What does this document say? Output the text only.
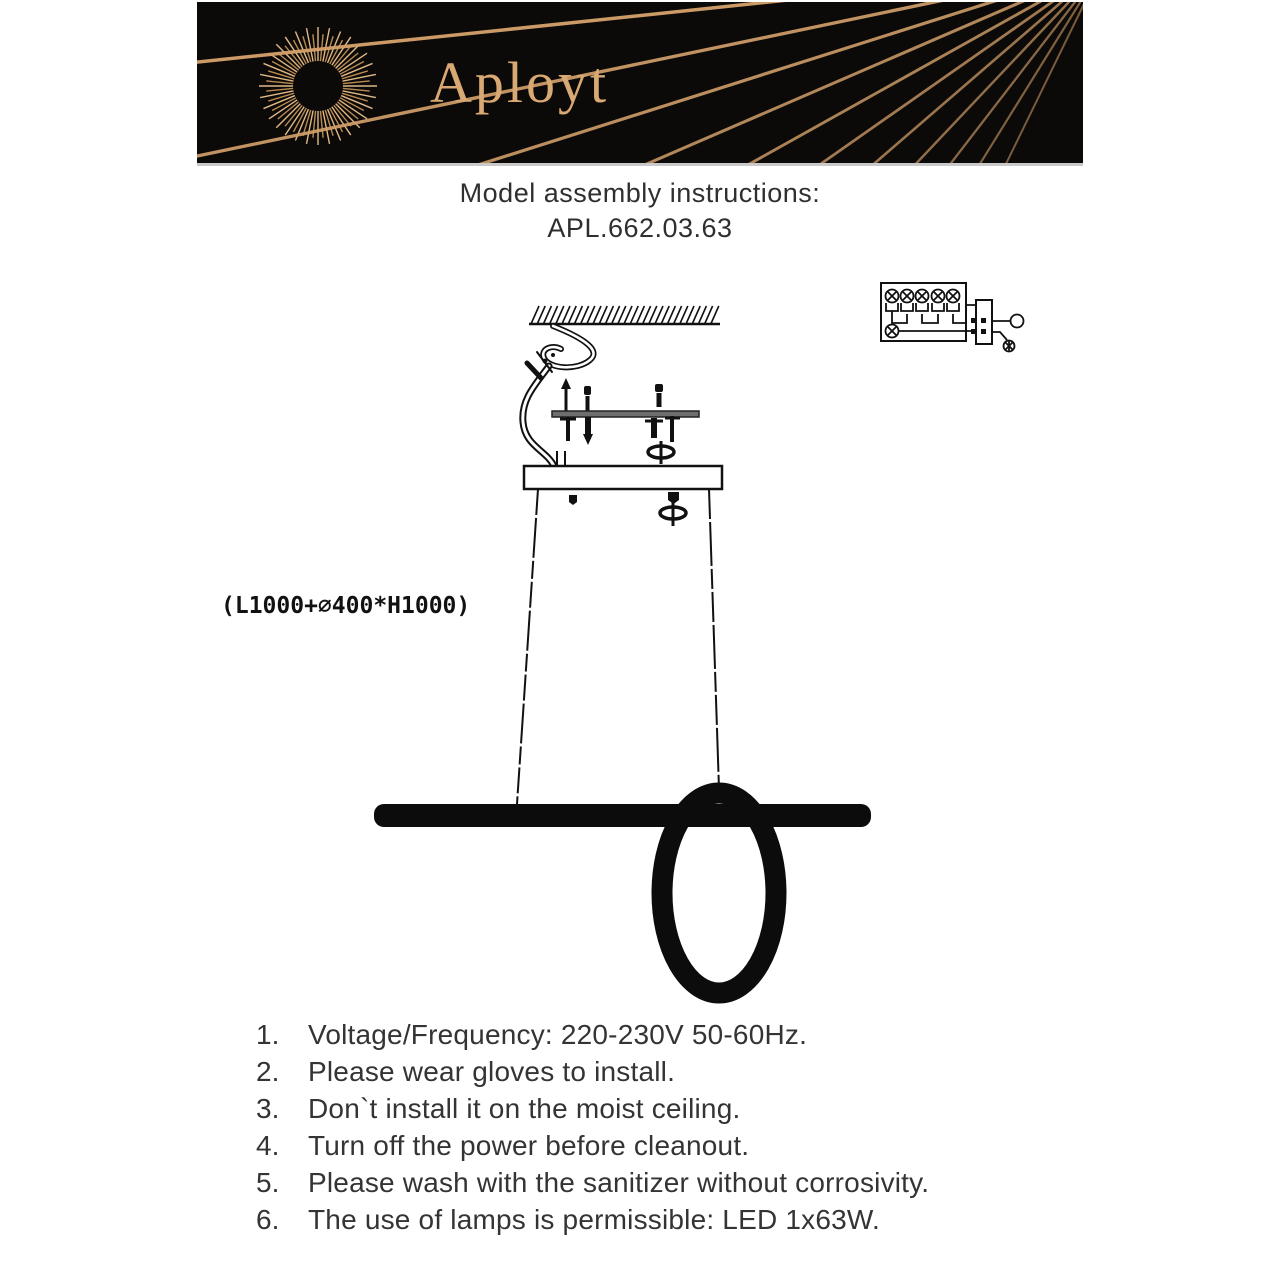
Aployt
Model assembly instructions:
APL.662.03.63
(L1000+⌀400*H1000)
1.	Voltage/Frequency: 220-230V 50-60Hz.
2.	Please wear gloves to install.
3.	Don`t install it on the moist ceiling.
4.	Turn off the power before cleanout.
5.	Please wash with the sanitizer without corrosivity.
6.	The use of lamps is permissible: LED 1x63W.
